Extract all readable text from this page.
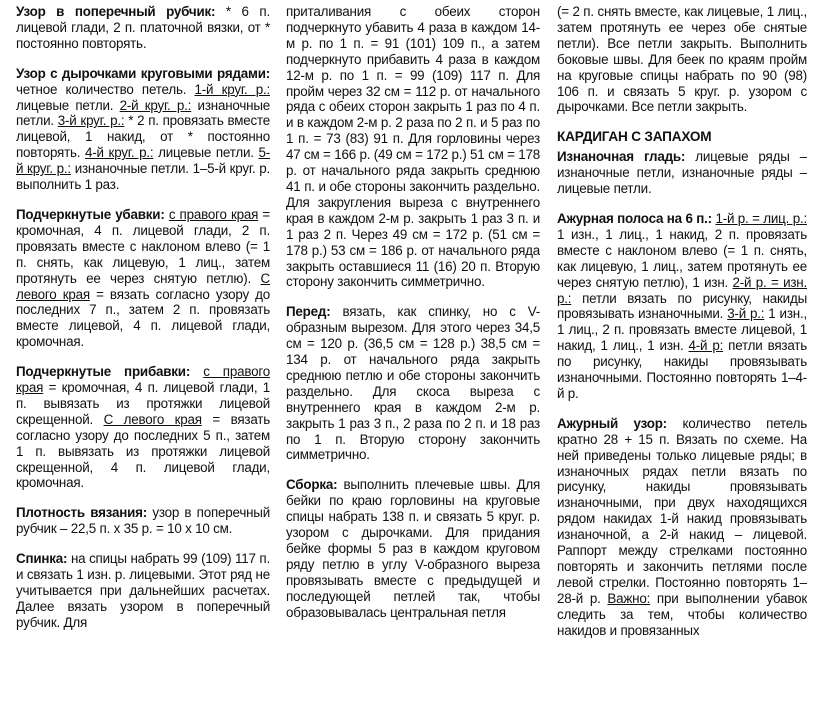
Узор в поперечный рубчик: * 6 п. лицевой глади, 2 п. платочной вязки, от * постоянно повторять.

Узор с дырочками круговыми рядами: четное количество петель. 1-й круг. р.: лицевые петли. 2-й круг. р.: изнаночные петли. 3-й круг. р.: * 2 п. провязать вместе лицевой, 1 накид, от * постоянно повторять. 4-й круг. р.: лицевые петли. 5-й круг. р.: изнаночные петли. 1–5-й круг. р. выполнить 1 раз.

Подчеркнутые убавки: с правого края = кромочная, 4 п. лицевой глади, 2 п. провязать вместе с наклоном влево (= 1 п. снять, как лицевую, 1 лиц., затем протянуть ее через снятую петлю). С левого края = вязать согласно узору до последних 7 п., затем 2 п. провязать вместе лицевой, 4 п. лицевой глади, кромочная.

Подчеркнутые прибавки: с правого края = кромочная, 4 п. лицевой глади, 1 п. вывязать из протяжки лицевой скрещенной. С левого края = вязать согласно узору до последних 5 п., затем 1 п. вывязать из протяжки лицевой скрещенной, 4 п. лицевой глади, кромочная.

Плотность вязания: узор в поперечный рубчик – 22,5 п. х 35 р. = 10 х 10 см.

Спинка: на спицы набрать 99 (109) 117 п. и связать 1 изн. р. лицевыми. Этот ряд не учитывается при дальнейших расчетах. Далее вязать узором в поперечный рубчик. Для

приталивания с обеих сторон подчеркнуто убавить 4 раза в каждом 14-м р. по 1 п. = 91 (101) 109 п., а затем подчеркнуто прибавить 4 раза в каждом 12-м р. по 1 п. = 99 (109) 117 п. Для пройм через 32 см = 112 р. от начального ряда с обеих сторон закрыть 1 раз по 4 п. и в каждом 2-м р. 2 раза по 2 п. и 5 раз по 1 п. = 73 (83) 91 п. Для горловины через 47 см = 166 р. (49 см = 172 р.) 51 см = 178 р. от начального ряда закрыть среднюю 41 п. и обе стороны закончить раздельно. Для закругления выреза с внутреннего края в каждом 2-м р. закрыть 1 раз 3 п. и 1 раз 2 п. Через 49 см = 172 р. (51 см = 178 р.) 53 см = 186 р. от начального ряда закрыть оставшиеся 11 (16) 20 п. Вторую сторону закончить симметрично.

Перед: вязать, как спинку, но с V-образным вырезом. Для этого через 34,5 см = 120 р. (36,5 см = 128 р.) 38,5 см = 134 р. от начального ряда закрыть среднюю петлю и обе стороны закончить раздельно. Для скоса выреза с внутреннего края в каждом 2-м р. закрыть 1 раз 3 п., 2 раза по 2 п. и 18 раз по 1 п. Вторую сторону закончить симметрично.

Сборка: выполнить плечевые швы. Для бейки по краю горловины на круговые спицы набрать 138 п. и связать 5 круг. р. узором с дырочками. Для придания бейке формы 5 раз в каждом круговом ряду петлю в углу V-образного выреза провязывать вместе с предыдущей и последующей петлей так, чтобы образовывалась центральная петля

(= 2 п. снять вместе, как лицевые, 1 лиц., затем протянуть ее через обе снятые петли). Все петли закрыть. Выполнить боковые швы. Для беек по краям пройм на круговые спицы набрать по 90 (98) 106 п. и связать 5 круг. р. узором с дырочками. Все петли закрыть.

КАРДИГАН С ЗАПАХОМ

Изнаночная гладь: лицевые ряды – изнаночные петли, изнаночные ряды – лицевые петли.

Ажурная полоса на 6 п.: 1-й р. = лиц. р.: 1 изн., 1 лиц., 1 накид, 2 п. провязать вместе с наклоном влево (= 1 п. снять, как лицевую, 1 лиц., затем протянуть ее через снятую петлю), 1 изн. 2-й р. = изн. р.: петли вязать по рисунку, накиды провязывать изнаночными. 3-й р.: 1 изн., 1 лиц., 2 п. провязать вместе лицевой, 1 накид, 1 лиц., 1 изн. 4-й р: петли вязать по рисунку, накиды провязывать изнаночными. Постоянно повторять 1–4-й р.

Ажурный узор: количество петель кратно 28 + 15 п. Вязать по схеме. На ней приведены только лицевые ряды; в изнаночных рядах петли вязать по рисунку, накиды провязывать изнаночными, при двух находящихся рядом накидах 1-й накид провязывать изнаночной, а 2-й накид – лицевой. Раппорт между стрелками постоянно повторять и закончить петлями после левой стрелки. Постоянно повторять 1–28-й р. Важно: при выполнении убавок следить за тем, чтобы количество накидов и провязанных
